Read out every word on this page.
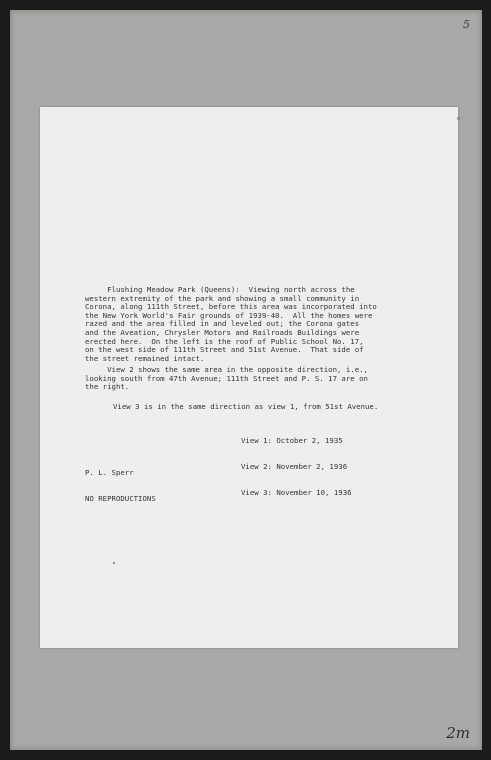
5

Flushing Meadow Park (Queens):  Viewing north across the
western extremity of the park and showing a small community in
Corona, along 111th Street, before this area was incorporated into
the New York World's Fair grounds of 1939-40.  All the homes were
razed and the area filled in and leveled out; the Corona gates
and the Aveation, Chrysler Motors and Railroads Buildings were
erected here.  On the left is the roof of Public School No. 17,
on the west side of 111th Street and 51st Avenue.  That side of
the street remained intact.

View 2 shows the same area in the opposite direction, i.e.,
looking south from 47th Avenue; 111th Street and P. S. 17 are on
the right.

View 3 is in the same direction as view 1, from 51st Avenue.

View 1: October 2, 1935

View 2: November 2, 1936

View 3: November 10, 1936

P. L. Sperr

NO REPRODUCTIONS

2m
